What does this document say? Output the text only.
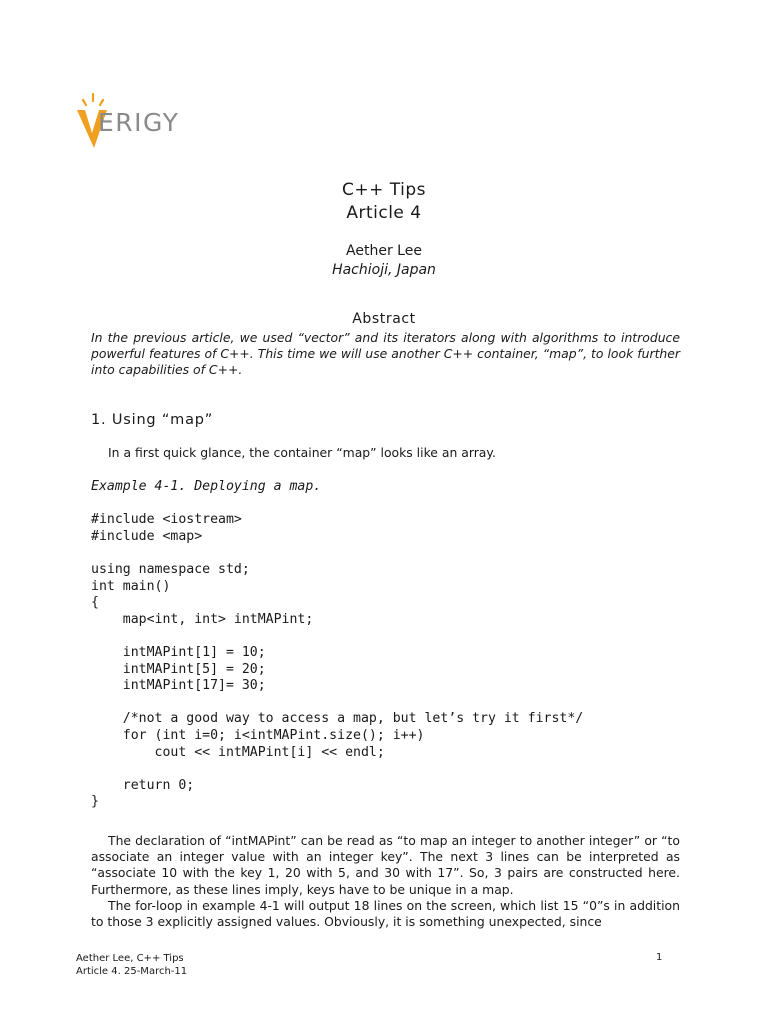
ERIGY
C++ Tips
Article 4
Aether Lee
Hachioji, Japan
Abstract
In the previous article, we used “vector” and its iterators along with algorithms to introduce powerful features of C++. This time we will use another C++ container, “map”, to look further into capabilities of C++.
1. Using “map”
In a first quick glance, the container “map” looks like an array.
Example 4-1. Deploying a map.

#include <iostream>
#include <map>

using namespace std;
int main()
{
map<int, int> intMAPint;

intMAPint[1] = 10;
intMAPint[5] = 20;
intMAPint[17]= 30;

/*not a good way to access a map, but let’s try it first*/
for (int i=0; i<intMAPint.size(); i++)
cout << intMAPint[i] << endl;

return 0;
}

The declaration of “intMAPint” can be read as “to map an integer to another integer” or “to associate an integer value with an integer key”. The next 3 lines can be interpreted as “associate 10 with the key 1, 20 with 5, and 30 with 17”. So, 3 pairs are constructed here. Furthermore, as these lines imply, keys have to be unique in a map.

The for-loop in example 4-1 will output 18 lines on the screen, which list 15 “0”s in addition to those 3 explicitly assigned values. Obviously, it is something unexpected, since

Aether Lee, C++ Tips
Article 4. 25-March-11
1
